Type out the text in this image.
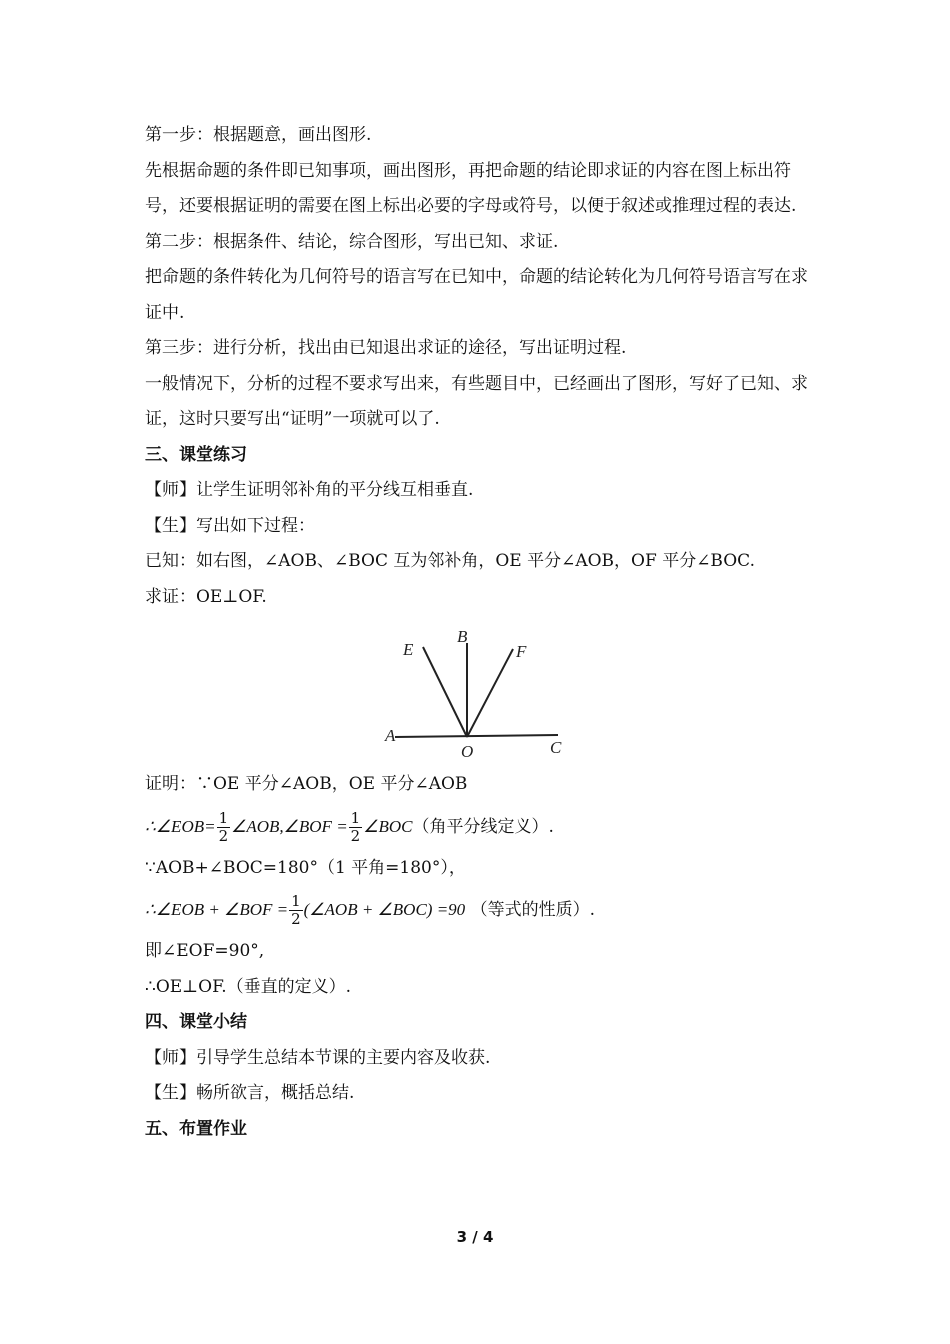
第一步：根据题意，画出图形.

先根据命题的条件即已知事项，画出图形，再把命题的结论即求证的内容在图上标出符号，还要根据证明的需要在图上标出必要的字母或符号，以便于叙述或推理过程的表达.

第二步：根据条件、结论，综合图形，写出已知、求证.

把命题的条件转化为几何符号的语言写在已知中，命题的结论转化为几何符号语言写在求证中.

第三步：进行分析，找出由已知退出求证的途径，写出证明过程.

一般情况下，分析的过程不要求写出来，有些题目中，已经画出了图形，写好了已知、求证，这时只要写出“证明”一项就可以了.

三、课堂练习

【师】让学生证明邻补角的平分线互相垂直.

【生】写出如下过程：

已知：如右图，∠AOB、∠BOC 互为邻补角，OE 平分∠AOB，OF 平分∠BOC.

求证：OE⊥OF.

E
B
F
A
O	C

证明：∵OE 平分∠AOB，OE 平分∠AOB

∴∠EOB= $\frac{1}{2}$ ∠AOB,∠BOF = $\frac{1}{2}$ ∠BOC（角平分线定义）.

∵AOB+∠BOC=180°（1 平角=180°），

∴∠EOB + ∠BOF = $\frac{1}{2}$ (∠AOB + ∠BOC) =90 （等式的性质）.

即∠EOF=90°,

∴OE⊥OF.（垂直的定义）.

四、课堂小结

【师】引导学生总结本节课的主要内容及收获.

【生】畅所欲言，概括总结.

五、布置作业
3 / 4
